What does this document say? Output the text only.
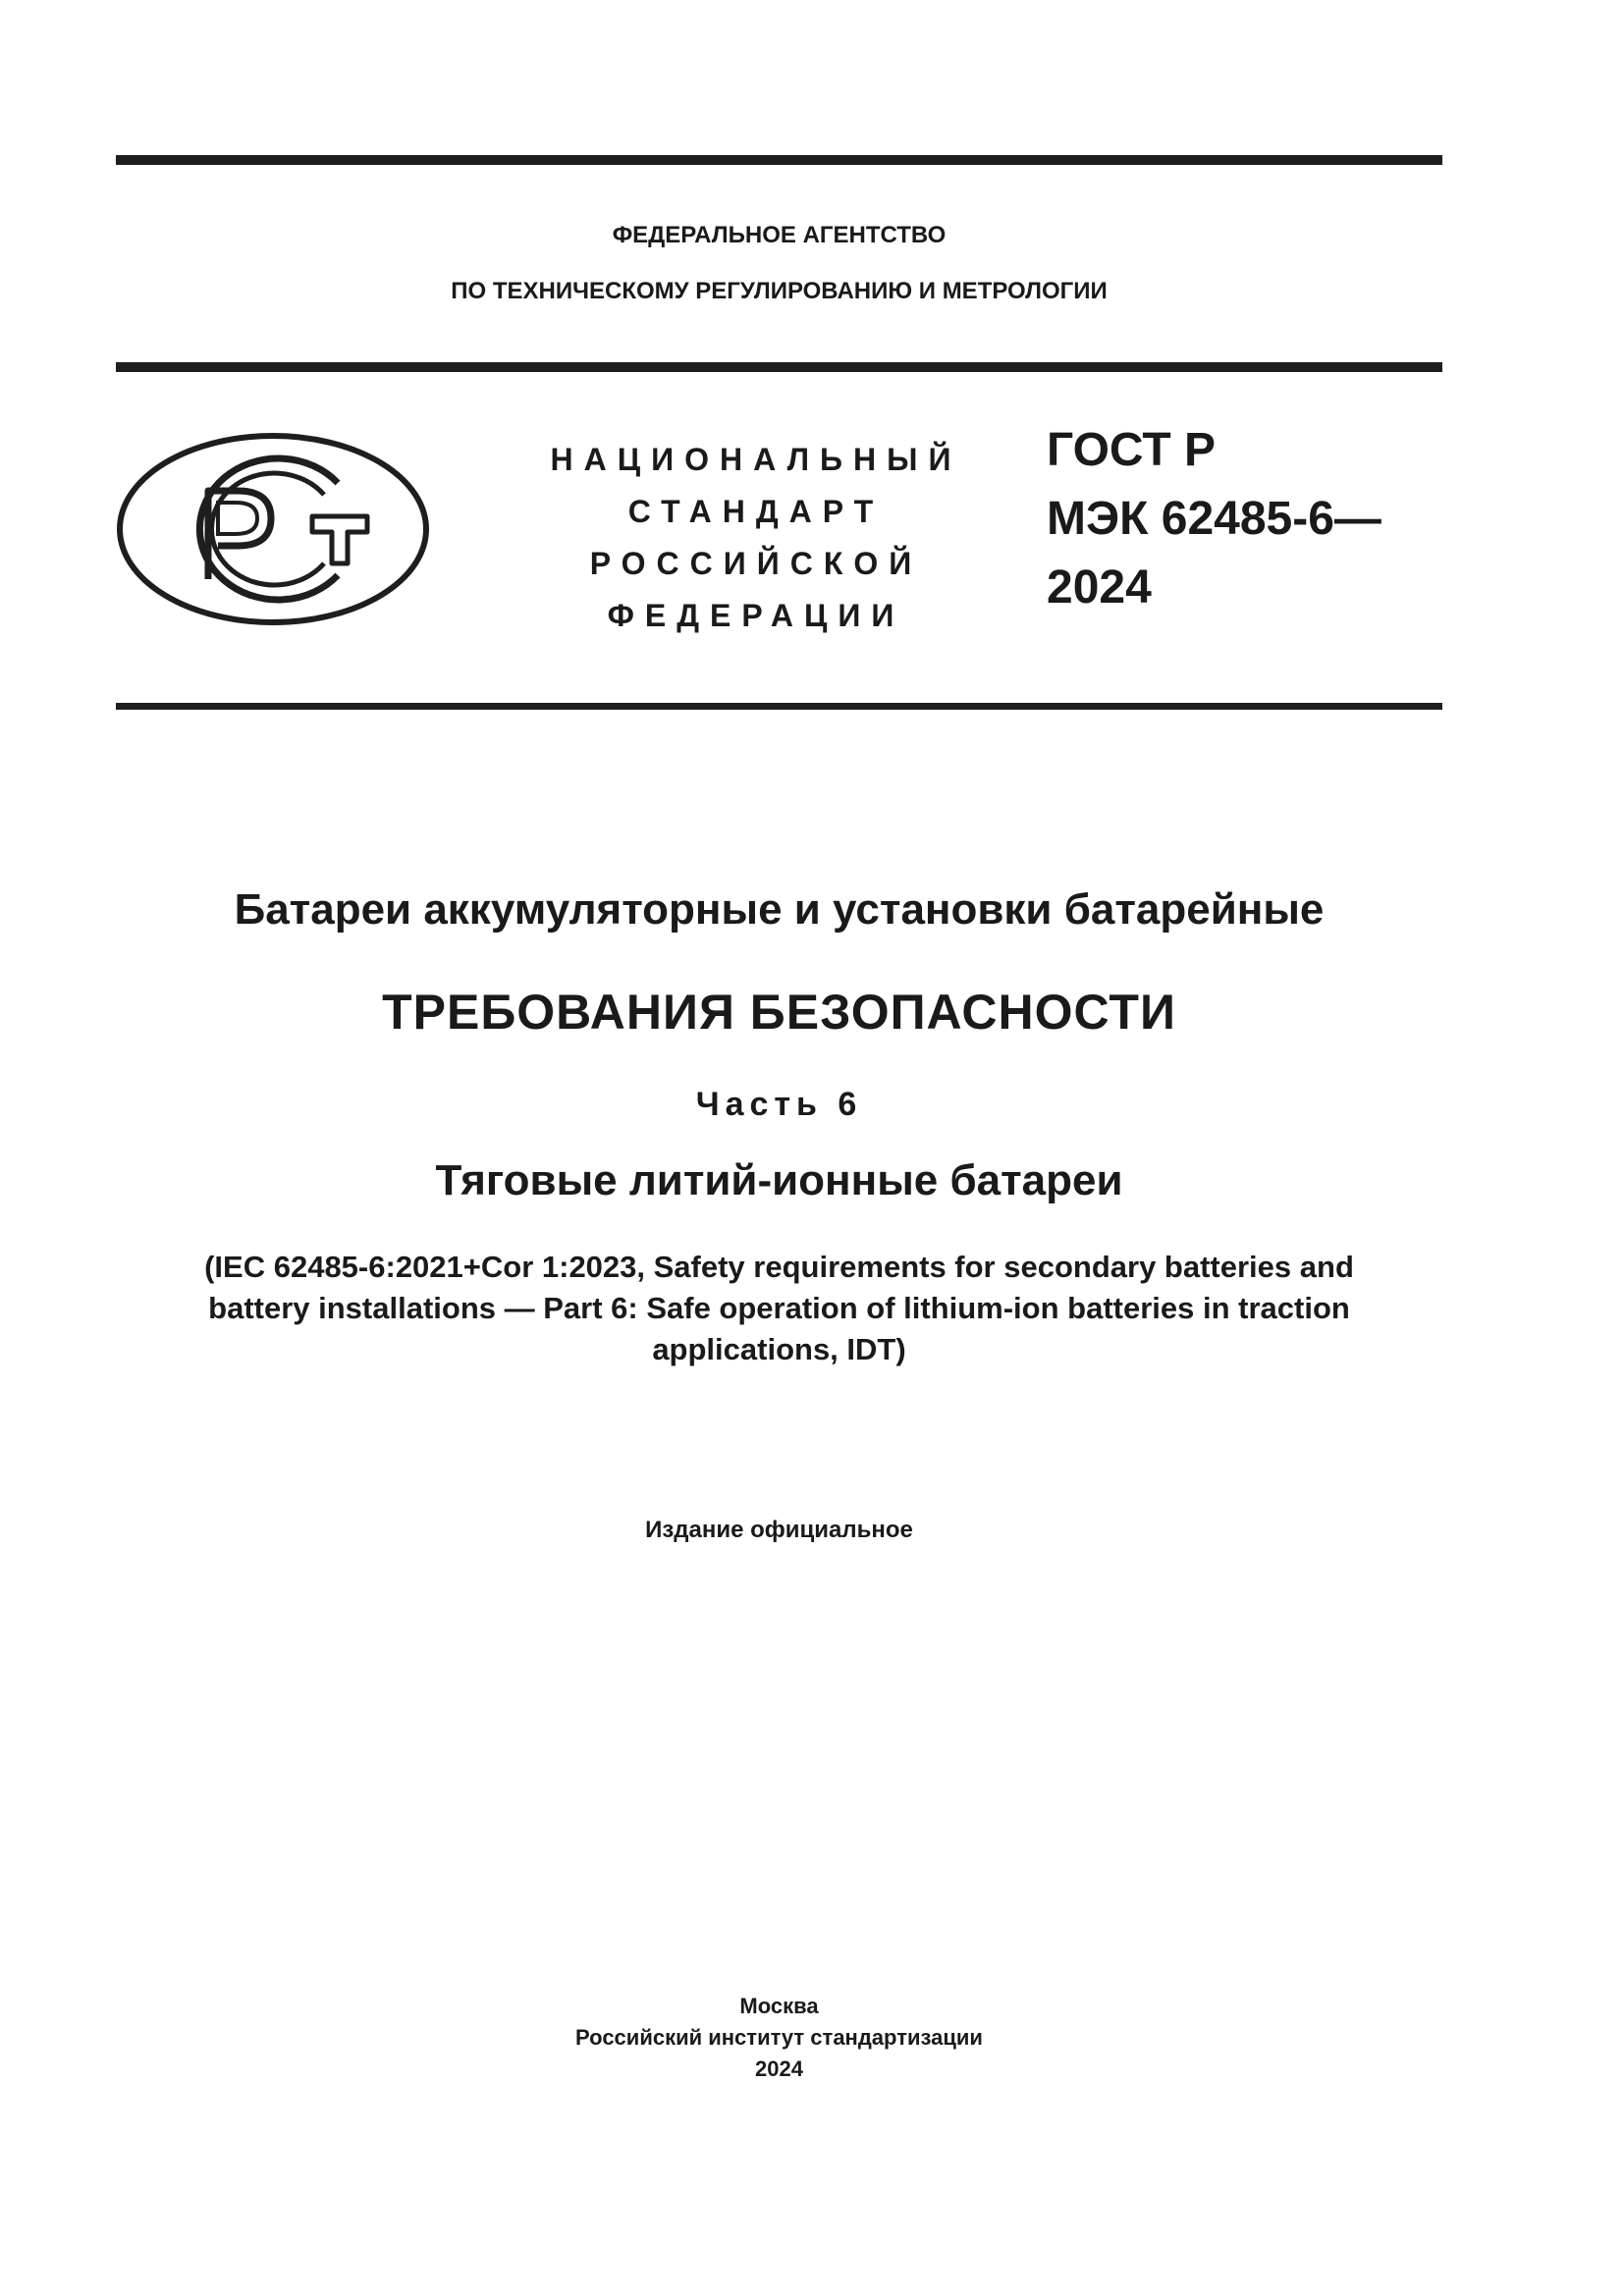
ФЕДЕРАЛЬНОЕ АГЕНТСТВО
ПО ТЕХНИЧЕСКОМУ РЕГУЛИРОВАНИЮ И МЕТРОЛОГИИ
НАЦИОНАЛЬНЫЙ
СТАНДАРТ
РОССИЙСКОЙ
ФЕДЕРАЦИИ
ГОСТ Р
МЭК 62485-6—
2024
Батареи аккумуляторные и установки батарейные
ТРЕБОВАНИЯ БЕЗОПАСНОСТИ
Часть 6
Тяговые литий-ионные батареи
(IEC 62485-6:2021+Cor 1:2023, Safety requirements for secondary batteries and
battery installations — Part 6: Safe operation of lithium-ion batteries in traction
applications, IDT)
Издание официальное
Москва
Российский институт стандартизации
2024
